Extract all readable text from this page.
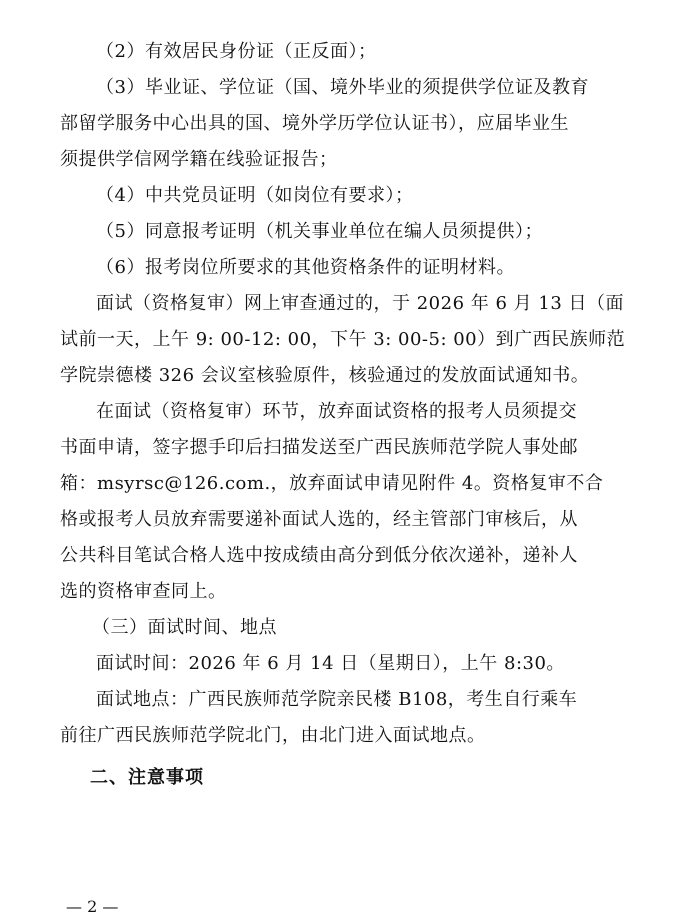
（2）有效居民身份证（正反面）；
（3）毕业证、学位证（国、境外毕业的须提供学位证及教育
部留学服务中心出具的国、境外学历学位认证书），应届毕业生
须提供学信网学籍在线验证报告；
（4）中共党员证明（如岗位有要求）；
（5）同意报考证明（机关事业单位在编人员须提供）；
（6）报考岗位所要求的其他资格条件的证明材料。
面试（资格复审）网上审查通过的，于 2026 年 6 月 13 日（面
试前一天，上午 9: 00-12: 00，下午 3: 00-5: 00）到广西民族师范
学院崇德楼 326 会议室核验原件，核验通过的发放面试通知书。
在面试（资格复审）环节，放弃面试资格的报考人员须提交
书面申请，签字摁手印后扫描发送至广西民族师范学院人事处邮
箱：msyrsc@126.com.，放弃面试申请见附件 4。资格复审不合
格或报考人员放弃需要递补面试人选的，经主管部门审核后，从
公共科目笔试合格人选中按成绩由高分到低分依次递补，递补人
选的资格审查同上。
（三）面试时间、地点
面试时间：2026 年 6 月 14 日（星期日），上午 8:30。
面试地点：广西民族师范学院亲民楼 B108，考生自行乘车
前往广西民族师范学院北门，由北门进入面试地点。
二、注意事项
— 2 —
